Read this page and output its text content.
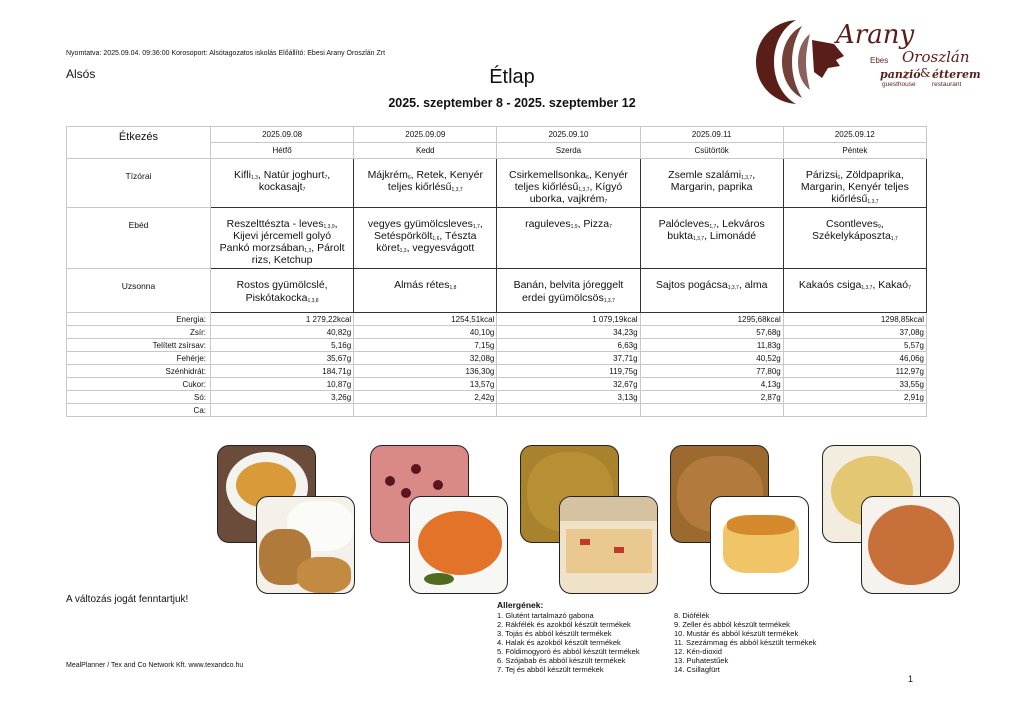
Nyomtatva: 2025.09.04. 09:36:00 Korosoport: Alsótagozatos iskolás Előállító: Ebesi Arany Oroszlán Zrt
Alsós	Étlap
2025. szeptember 8 - 2025. szeptember 12
Arany
Oroszlán
Ebes
panzió & étterem
guesthouse	restaurant
Étkezés	2025.09.08	2025.09.09	2025.09.10	2025.09.11	2025.09.12
	Hétfő	Kedd	Szerda	Csütörtök	Péntek
Tízórai	Kifli$_{1,3}$, Natúr joghurt$_7$, kockasajt$_7$	Májkrém$_6$, Retek, Kenyér teljes kiőrlésű$_{1,3,7}$	Csirkemellsonka$_6$, Kenyér teljes kiőrlésű$_{1,3,7}$, Kígyó uborka, vajkrém$_7$	Zsemle szalámi$_{1,3,7}$, Margarin, paprika	Párizsi$_6$, Zöldpaprika, Margarin, Kenyér teljes kiőrlésű$_{1,3,7}$
Ebéd	Reszelttészta - leves$_{1,3,9}$, Kijevi jércemell golyó Pankó morzsában$_{1,3}$, Párolt rizs, Ketchup	vegyes gyümölcsleves$_{1,7}$, Setéspörkölt$_{1,6}$, Tészta köret$_{1,3}$, vegyesvágott	raguleves$_{1,9}$, Pizza$_7$	Palócleves$_{1,7}$, Lekváros bukta$_{1,3,7}$, Limonádé	Csontleves$_9$, Székelykáposzta$_{1,7}$
Uzsonna	Rostos gyümölcslé, Piskótakocka$_{1,3,8}$	Almás rétes$_{1,8}$	Banán, belvita jóreggelt erdei gyümölcsös$_{1,3,7}$	Sajtos pogácsa$_{1,3,7}$, alma	Kakaós csiga$_{1,3,7}$, Kakaó$_7$
Energia:	1 279,22kcal	1254,51kcal	1 079,19kcal	1295,68kcal	1298,85kcal
Zsír:	40,82g	40,10g	34,23g	57,68g	37,08g
Telített zsírsav:	5,16g	7,15g	6,63g	11,83g	5,57g
Fehérje:	35,67g	32,08g	37,71g	40,52g	46,06g
Szénhidrát:	184,71g	136,30g	119,75g	77,80g	112,97g
Cukor:	10,87g	13,57g	32,67g	4,13g	33,55g
Só:	3,26g	2,42g	3,13g	2,87g	2,91g
Ca:					
A változás jogát fenntartjuk!	Allergének:
1. Glutént tartalmazó gabona
2. Rákfélék és azokból készült termékek
3. Tojás és abból készült termékek
4. Halak és azokból készült termékek
5. Földimogyoró és abból készült termékek
6. Szójabab és abból készült termékek
7. Tej és abból készült termékek
8. Diófélék
9. Zeller és abból készült termékek
10. Mustár és abból készült termékek
11. Szezámmag és abból készült termékek
12. Kén-dioxid
13. Puhatestűek
14. Csillagfürt
MealPlanner / Tex and Co Network Kft. www.texandco.hu
1
